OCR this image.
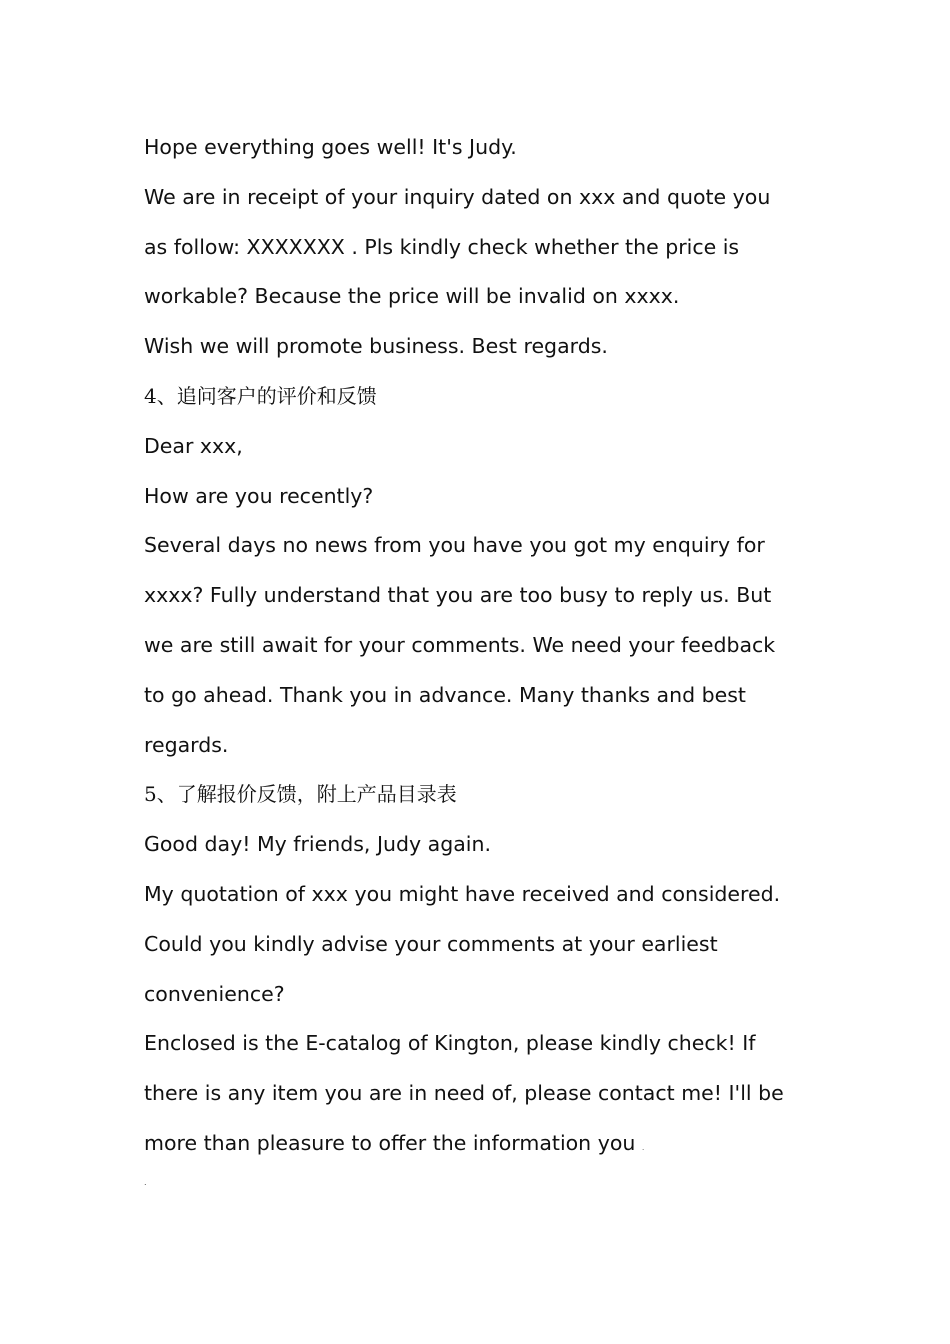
Hope everything goes well! It's Judy.
We are in receipt of your inquiry dated on xxx and quote you
as follow: XXXXXXX . Pls kindly check whether the price is
workable? Because the price will be invalid on xxxx.
Wish we will promote business. Best regards.
4、追问客户的评价和反馈
Dear xxx,
How are you recently?
Several days no news from you have you got my enquiry for
xxxx? Fully understand that you are too busy to reply us. But
we are still await for your comments. We need your feedback
to go ahead. Thank you in advance. Many thanks and best
regards.
5、了解报价反馈，附上产品目录表
Good day! My friends, Judy again.
My quotation of xxx you might have received and considered.
Could you kindly advise your comments at your earliest
convenience?
Enclosed is the E-catalog of Kington, please kindly check! If
there is any item you are in need of, please contact me! I'll be
more than pleasure to offer the information you .
.
